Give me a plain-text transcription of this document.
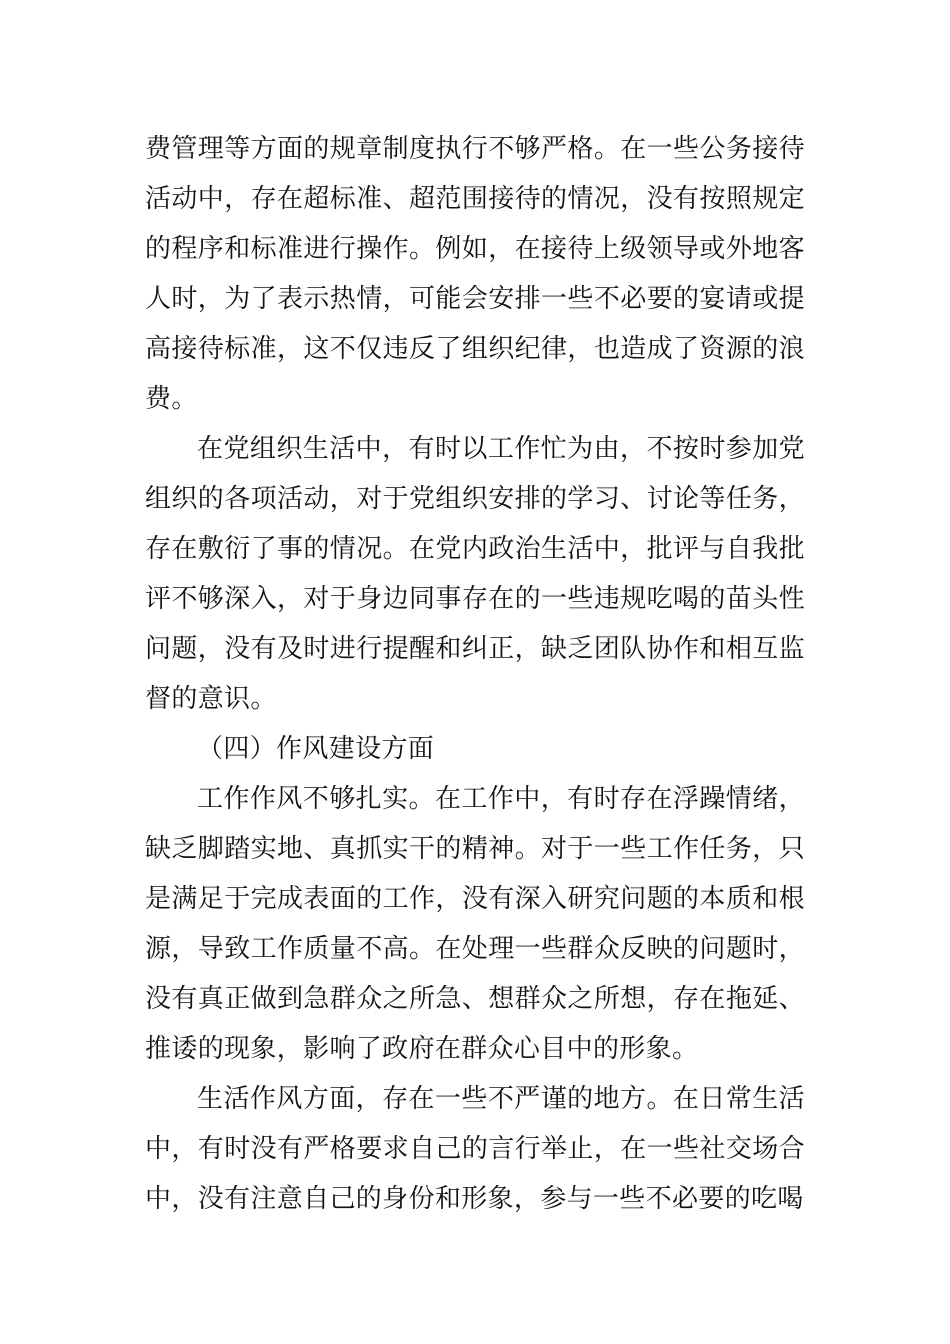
费管理等方面的规章制度执行不够严格。在一些公务接待活动中，存在超标准、超范围接待的情况，没有按照规定的程序和标准进行操作。例如，在接待上级领导或外地客人时，为了表示热情，可能会安排一些不必要的宴请或提高接待标准，这不仅违反了组织纪律，也造成了资源的浪费。

在党组织生活中，有时以工作忙为由，不按时参加党组织的各项活动，对于党组织安排的学习、讨论等任务，存在敷衍了事的情况。在党内政治生活中，批评与自我批评不够深入，对于身边同事存在的一些违规吃喝的苗头性问题，没有及时进行提醒和纠正，缺乏团队协作和相互监督的意识。

（四）作风建设方面

工作作风不够扎实。在工作中，有时存在浮躁情绪，缺乏脚踏实地、真抓实干的精神。对于一些工作任务，只是满足于完成表面的工作，没有深入研究问题的本质和根源，导致工作质量不高。在处理一些群众反映的问题时，没有真正做到急群众之所急、想群众之所想，存在拖延、推诿的现象，影响了政府在群众心目中的形象。

生活作风方面，存在一些不严谨的地方。在日常生活中，有时没有严格要求自己的言行举止，在一些社交场合中，没有注意自己的身份和形象，参与一些不必要的吃喝
